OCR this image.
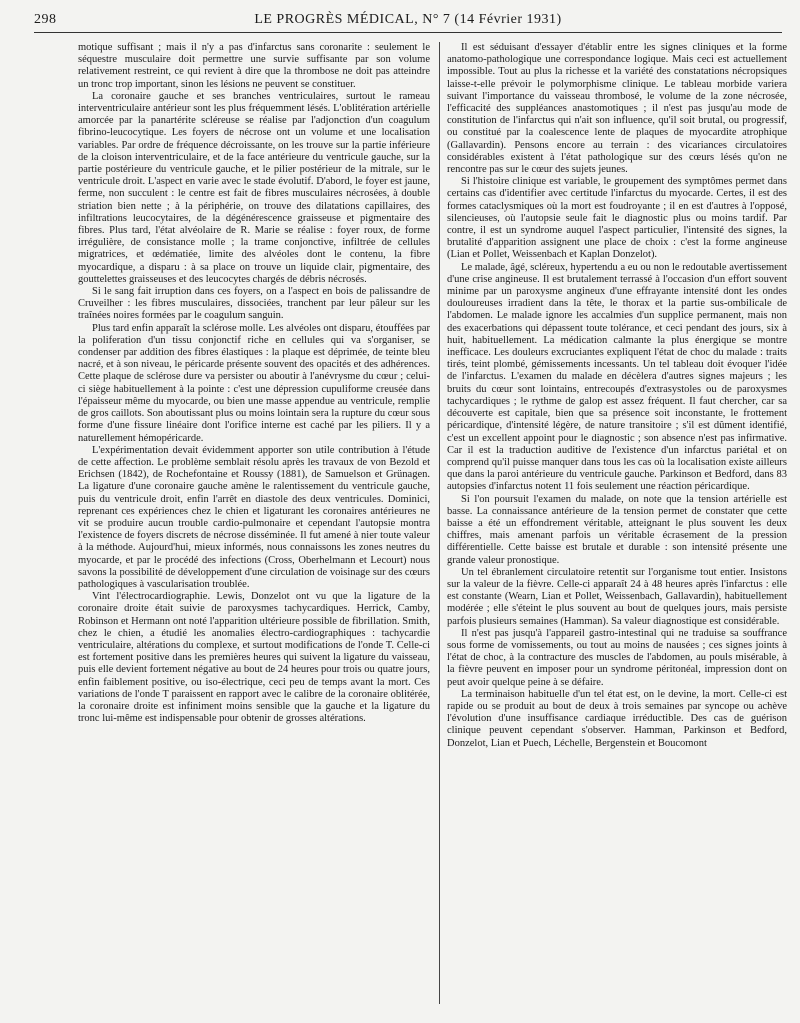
298	LE PROGRÈS MÉDICAL, N° 7 (14 Février 1931)

motique suffisant ; mais il n'y a pas d'infarctus sans coronarite : seulement le séquestre musculaire doit permettre une survie suffisante par son volume relativement restreint, ce qui revient à dire que la thrombose ne doit pas atteindre un tronc trop important, sinon les lésions ne peuvent se constituer.

La coronaire gauche et ses branches ventriculaires, surtout le rameau interventriculaire antérieur sont les plus fréquemment lésés. L'oblitération artérielle amorcée par la panartérite scléreuse se réalise par l'adjonction d'un coagulum fibrino-leucocytique. Les foyers de nécrose ont un volume et une localisation variables. Par ordre de fréquence décroissante, on les trouve sur la partie inférieure de la cloison interventriculaire, et de la face antérieure du ventricule gauche, sur la partie postérieure du ventricule gauche, et le pilier postérieur de la mitrale, sur le ventricule droit. L'aspect en varie avec le stade évolutif. D'abord, le foyer est jaune, ferme, non succulent : le centre est fait de fibres musculaires nécrosées, à double striation bien nette ; à la périphérie, on trouve des dilatations capillaires, des infiltrations leucocytaires, de la dégénérescence graisseuse et pigmentaire des fibres. Plus tard, l'état alvéolaire de R. Marie se réalise : foyer roux, de forme irrégulière, de consistance molle ; la trame conjonctive, infiltrée de cellules migratrices, et œdématiée, limite des alvéoles dont le contenu, la fibre myocardique, a disparu : à sa place on trouve un liquide clair, pigmentaire, des gouttelettes graisseuses et des leucocytes chargés de débris nécrosés.

Si le sang fait irruption dans ces foyers, on a l'aspect en bois de palissandre de Cruveilher : les fibres musculaires, dissociées, tranchent par leur pâleur sur les traînées noires formées par le coagulum sanguin.

Plus tard enfin apparaît la sclérose molle. Les alvéoles ont disparu, étouffées par la poliferation d'un tissu conjonctif riche en cellules qui va s'organiser, se condenser par addition des fibres élastiques : la plaque est déprimée, de teinte bleu nacré, et à son niveau, le péricarde présente souvent des opacités et des adhérences. Cette plaque de sclérose dure va persister ou aboutir à l'anévrysme du cœur ; celui-ci siège habituellement à la pointe : c'est une dépression cupuliforme creusée dans l'épaisseur même du myocarde, ou bien une masse appendue au ventricule, remplie de gros caillots. Son aboutissant plus ou moins lointain sera la rupture du cœur sous forme d'une fissure linéaire dont l'orifice interne est caché par les piliers. Il y a naturellement hémopéricarde.

L'expérimentation devait évidemment apporter son utile contribution à l'étude de cette affection. Le problème semblait résolu après les travaux de von Bezold et Erichsen (1842), de Rochefontaine et Roussy (1881), de Samuelson et Grünagen. La ligature d'une coronaire gauche amène le ralentissement du ventricule gauche, puis du ventricule droit, enfin l'arrêt en diastole des deux ventricules. Dominici, reprenant ces expériences chez le chien et ligaturant les coronaires antérieures ne vit se produire aucun trouble cardio-pulmonaire et cependant l'autopsie montra l'existence de foyers discrets de nécrose disséminée. Il fut amené à nier toute valeur à la méthode. Aujourd'hui, mieux informés, nous connaissons les zones neutres du myocarde, et par le procédé des infections (Cross, Oberhelmann et Lecourt) nous savons la possibilité de développement d'une circulation de voisinage sur des cœurs pathologiques à vascularisation troublée.

Vint l'électrocardiographie. Lewis, Donzelot ont vu que la ligature de la coronaire droite était suivie de paroxysmes tachycardiques. Herrick, Camby, Robinson et Hermann ont noté l'apparition ultérieure possible de fibrillation. Smith, chez le chien, a étudié les anomalies électro-cardiographiques : tachycardie ventriculaire, altérations du complexe, et surtout modifications de l'onde T. Celle-ci est fortement positive dans les premières heures qui suivent la ligature du vaisseau, puis elle devient fortement négative au bout de 24 heures pour trois ou quatre jours, enfin faiblement positive, ou iso-électrique, ceci peu de temps avant la mort. Ces variations de l'onde T paraissent en rapport avec le calibre de la coronaire oblitérée, la coronaire droite est infiniment moins sensible que la gauche et la ligature du tronc lui-même est indispensable pour obtenir de grosses altérations.

Il est séduisant d'essayer d'établir entre les signes cliniques et la forme anatomo-pathologique une correspondance logique. Mais ceci est actuellement impossible. Tout au plus la richesse et la variété des constatations nécropsiques laisse-t-elle prévoir le polymorphisme clinique. Le tableau morbide variera suivant l'importance du vaisseau thrombosé, le volume de la zone nécrosée, l'efficacité des suppléances anastomotiques ; il n'est pas jusqu'au mode de constitution de l'infarctus qui n'ait son influence, qu'il soit brutal, ou progressif, ou constitué par la coalescence lente de plaques de myocardite atrophique (Gallavardin). Pensons encore au terrain : des vicariances circulatoires considérables existent à l'état pathologique sur des cœurs lésés qu'on ne rencontre pas sur le cœur des sujets jeunes.

Si l'histoire clinique est variable, le groupement des symptômes permet dans certains cas d'identifier avec certitude l'infarctus du myocarde. Certes, il est des formes cataclysmiques où la mort est foudroyante ; il en est d'autres à l'opposé, silencieuses, où l'autopsie seule fait le diagnostic plus ou moins tardif. Par contre, il est un syndrome auquel l'aspect particulier, l'intensité des signes, la brutalité d'apparition assignent une place de choix : c'est la forme angineuse (Lian et Pollet, Weissenbach et Kaplan Donzelot).

Le malade, âgé, scléreux, hypertendu a eu ou non le redoutable avertissement d'une crise angineuse. Il est brutalement terrassé à l'occasion d'un effort souvent minime par un paroxysme angineux d'une effrayante intensité dont les ondes douloureuses irradient dans la tête, le thorax et la partie sus-ombilicale de l'abdomen. Le malade ignore les accalmies d'un supplice permanent, mais non des exacerbations qui dépassent toute tolérance, et ceci pendant des jours, six à huit, habituellement. La médication calmante la plus énergique se montre inefficace. Les douleurs excruciantes expliquent l'état de choc du malade : traits tirés, teint plombé, gémissements incessants. Un tel tableau doit évoquer l'idée de l'infarctus. L'examen du malade en décèlera d'autres signes majeurs ; les bruits du cœur sont lointains, entrecoupés d'extrasystoles ou de paroxysmes tachycardiques ; le rythme de galop est assez fréquent. Il faut chercher, car sa découverte est capitale, bien que sa présence soit inconstante, le frottement péricardique, d'intensité légère, de nature transitoire ; s'il est dûment identifié, c'est un excellent appoint pour le diagnostic ; son absence n'est pas infirmative. Car il est la traduction auditive de l'existence d'un infarctus pariétal et on comprend qu'il puisse manquer dans tous les cas où la localisation existe ailleurs que dans la paroi antérieure du ventricule gauche. Parkinson et Bedford, dans 83 autopsies d'infarctus notent 11 fois seulement une réaction péricardique.

Si l'on poursuit l'examen du malade, on note que la tension artérielle est basse. La connaissance antérieure de la tension permet de constater que cette baisse a été un effondrement véritable, atteignant le plus souvent les deux chiffres, mais amenant parfois un véritable écrasement de la pression différentielle. Cette baisse est brutale et durable : son intensité présente une grande valeur pronostique.

Un tel ébranlement circulatoire retentit sur l'organisme tout entier. Insistons sur la valeur de la fièvre. Celle-ci apparaît 24 à 48 heures après l'infarctus : elle est constante (Wearn, Lian et Pollet, Weissenbach, Gallavardin), habituellement modérée ; elle s'éteint le plus souvent au bout de quelques jours, mais persiste parfois plusieurs semaines (Hamman). Sa valeur diagnostique est considérable.

Il n'est pas jusqu'à l'appareil gastro-intestinal qui ne traduise sa souffrance sous forme de vomissements, ou tout au moins de nausées ; ces signes joints à l'état de choc, à la contracture des muscles de l'abdomen, au pouls misérable, à la fièvre peuvent en imposer pour un syndrome péritonéal, impression dont on peut avoir quelque peine à se défaire.

La terminaison habituelle d'un tel état est, on le devine, la mort. Celle-ci est rapide ou se produit au bout de deux à trois semaines par syncope ou achève l'évolution d'une insuffisance cardiaque irréductible. Des cas de guérison clinique peuvent cependant s'observer. Hamman, Parkinson et Bedford, Donzelot, Lian et Puech, Léchelle, Bergenstein et Boucomont
